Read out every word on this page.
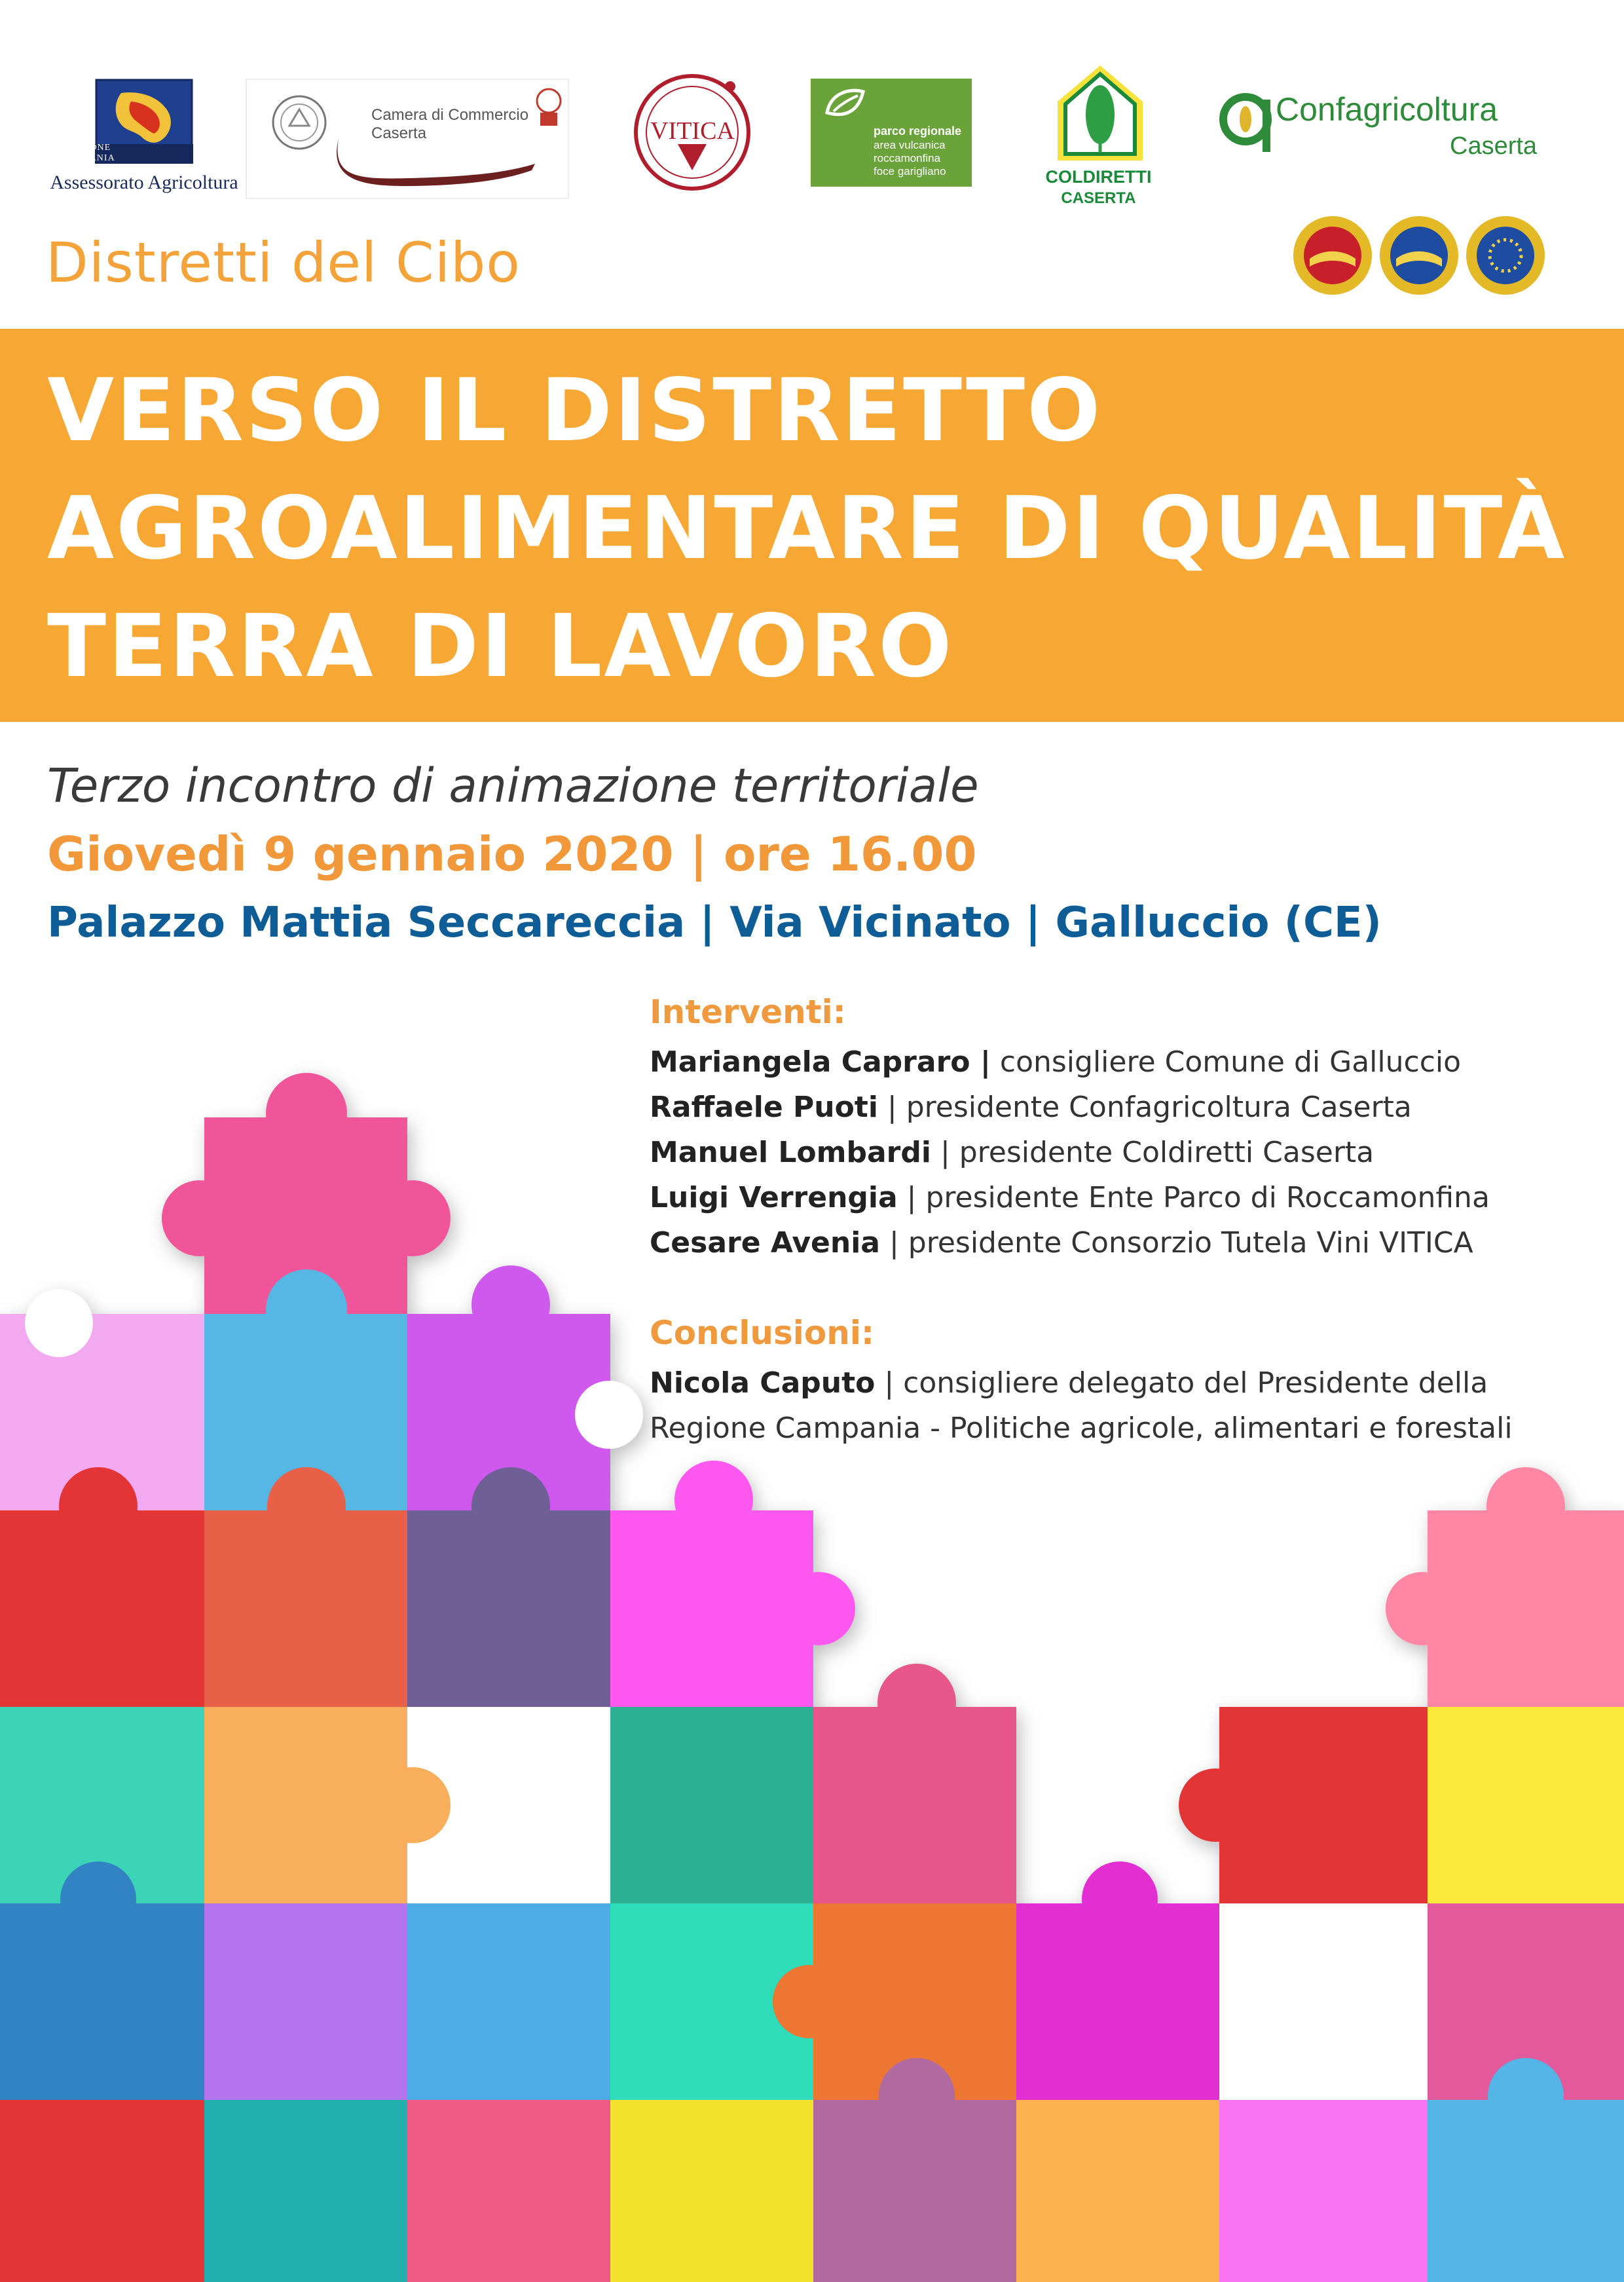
REGIONE CAMPANIA
Assessorato Agricoltura
Camera di Commercio
Caserta	VITICA	parco regionale
area vulcanica
roccamonfina
foce garigliano	COLDIRETTI
CASERTA
Confagricoltura
Caserta
Distretti del Cibo
VERSO IL DISTRETTO
AGROALIMENTARE DI QUALITÀ
TERRA DI LAVORO
Terzo incontro di animazione territoriale
Giovedì 9 gennaio 2020 | ore 16.00
Palazzo Mattia Seccareccia | Via Vicinato | Galluccio (CE)
Interventi:
Mariangela Capraro | consigliere Comune di Galluccio
Raffaele Puoti | presidente Confagricoltura Caserta
Manuel Lombardi | presidente Coldiretti Caserta
Luigi Verrengia | presidente Ente Parco di Roccamonfina
Cesare Avenia | presidente Consorzio Tutela Vini VITICA
Conclusioni:
Nicola Caputo | consigliere delegato del Presidente della
Regione Campania - Politiche agricole, alimentari e forestali
